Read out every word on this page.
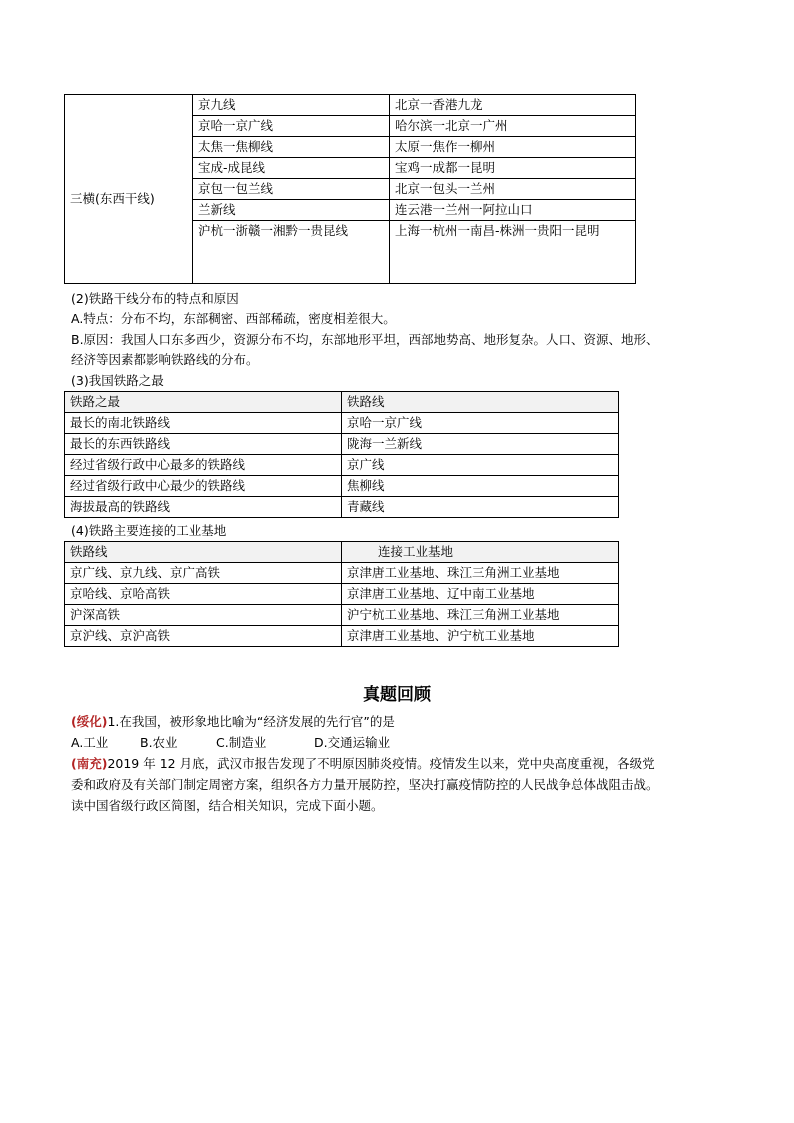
三横(东西干线)	京九线	北京一香港九龙
	京哈一京广线	哈尔滨一北京一广州
	太焦一焦柳线	太原一焦作一柳州
	宝成-成昆线	宝鸡一成都一昆明
	京包一包兰线	北京一包头一兰州
	兰新线	连云港一兰州一阿拉山口
	沪杭一浙赣一湘黔一贵昆线	上海一杭州一南昌-株洲一贵阳一昆明
(2)铁路干线分布的特点和原因
A.特点：分布不均，东部稠密、西部稀疏，密度相差很大。
B.原因：我国人口东多西少，资源分布不均，东部地形平坦，西部地势高、地形复杂。人口、资源、地形、
经济等因素都影响铁路线的分布。
(3)我国铁路之最
铁路之最	铁路线
最长的南北铁路线	京哈一京广线
最长的东西铁路线	陇海一兰新线
经过省级行政中心最多的铁路线	京广线
经过省级行政中心最少的铁路线	焦柳线
海拔最高的铁路线	青藏线
(4)铁路主要连接的工业基地
铁路线	连接工业基地
京广线、京九线、京广高铁	京津唐工业基地、珠江三角洲工业基地
京哈线、京哈高铁	京津唐工业基地、辽中南工业基地
沪深高铁	沪宁杭工业基地、珠江三角洲工业基地
京沪线、京沪高铁	京津唐工业基地、沪宁杭工业基地
真题回顾
(绥化)1.在我国，被形象地比喻为“经济发展的先行官”的是
A.工业	B.农业	C.制造业	D.交通运输业
(南充)2019 年 12 月底，武汉市报告发现了不明原因肺炎疫情。疫情发生以来，党中央高度重视，各级党
委和政府及有关部门制定周密方案，组织各方力量开展防控，坚决打赢疫情防控的人民战争总体战阻击战。
读中国省级行政区简图，结合相关知识，完成下面小题。
